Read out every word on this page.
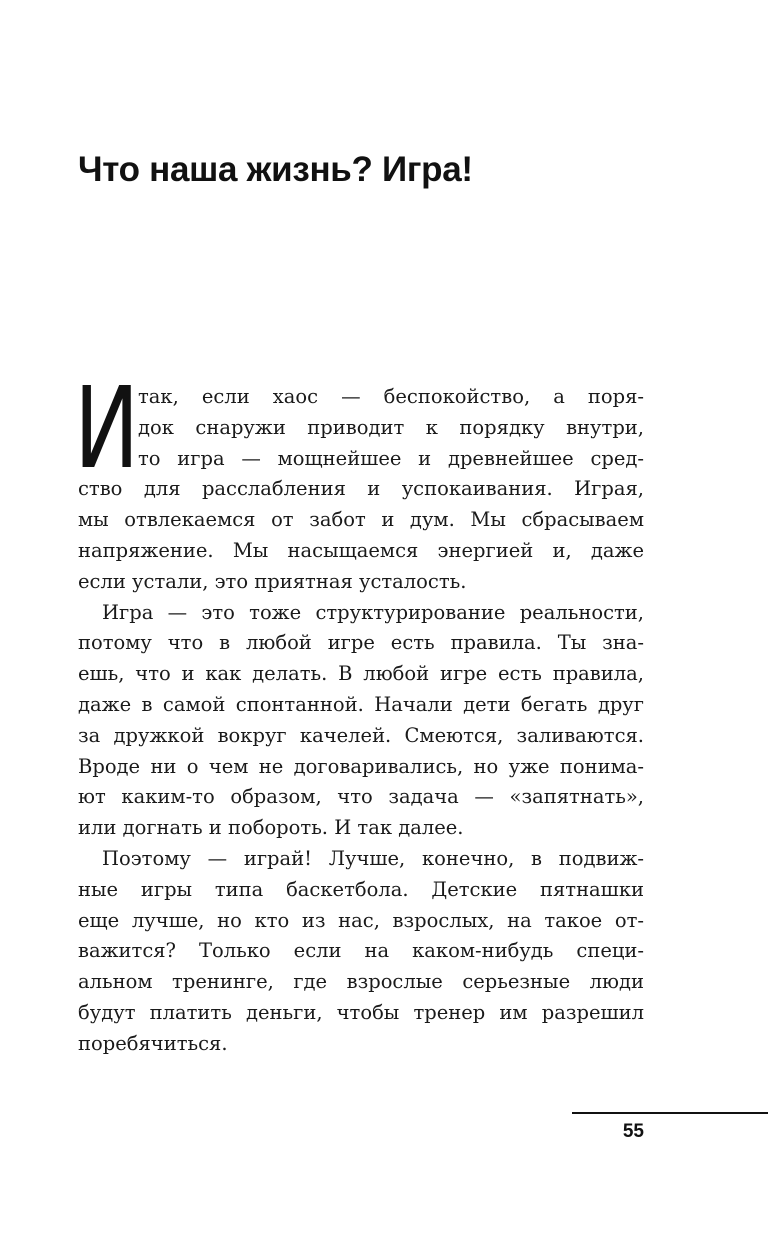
Что наша жизнь? Игра!
И
так, если хаос — беспокойство, а поря-
док снаружи приводит к порядку внутри,
то игра — мощнейшее и древнейшее сред-
ство для расслабления и успокаивания. Играя,
мы отвлекаемся от забот и дум. Мы сбрасываем
напряжение. Мы насыщаемся энергией и, даже
если устали, это приятная усталость.
Игра — это тоже структурирование реальности,
потому что в любой игре есть правила. Ты зна-
ешь, что и как делать. В любой игре есть правила,
даже в самой спонтанной. Начали дети бегать друг
за дружкой вокруг качелей. Смеются, заливаются.
Вроде ни о чем не договаривались, но уже понима-
ют каким-то образом, что задача — «запятнать»,
или догнать и побороть. И так далее.
Поэтому — играй! Лучше, конечно, в подвиж-
ные игры типа баскетбола. Детские пятнашки
еще лучше, но кто из нас, взрослых, на такое от-
важится? Только если на каком-нибудь специ-
альном тренинге, где взрослые серьезные люди
будут платить деньги, чтобы тренер им разрешил
поребячиться.
55
